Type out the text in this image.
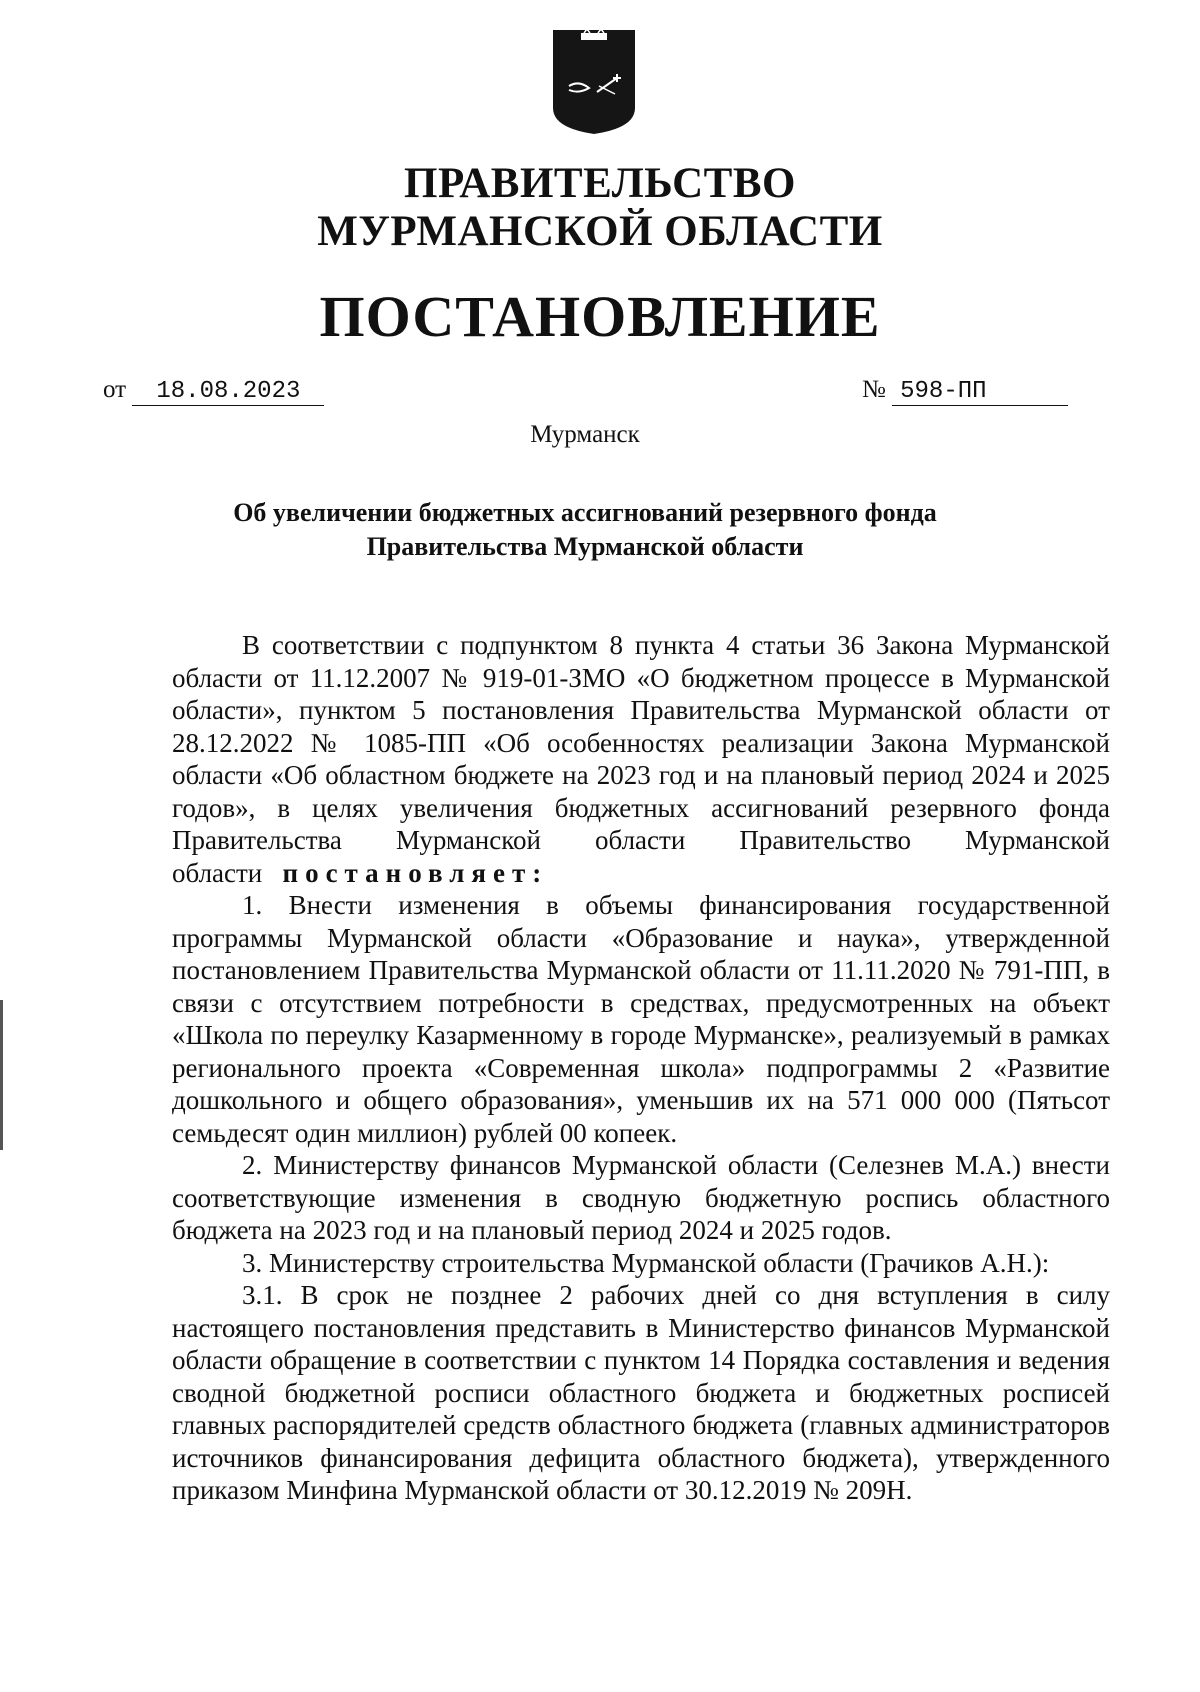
ПРАВИТЕЛЬСТВО
МУРМАНСКОЙ ОБЛАСТИ
ПОСТАНОВЛЕНИЕ
от 18.08.2023	№ 598-ПП
Мурманск
Об увеличении бюджетных ассигнований резервного фонда
Правительства Мурманской области

В соответствии с подпунктом 8 пункта 4 статьи 36 Закона Мурманской области от 11.12.2007 № 919-01-ЗМО «О бюджетном процессе в Мурманской области», пунктом 5 постановления Правительства Мурманской области от 28.12.2022 № 1085-ПП «Об особенностях реализации Закона Мурманской области «Об областном бюджете на 2023 год и на плановый период 2024 и 2025 годов», в целях увеличения бюджетных ассигнований резервного фонда Правительства Мурманской области Правительство Мурманской области постановляет:

1. Внести изменения в объемы финансирования государственной программы Мурманской области «Образование и наука», утвержденной постановлением Правительства Мурманской области от 11.11.2020 № 791-ПП, в связи с отсутствием потребности в средствах, предусмотренных на объект «Школа по переулку Казарменному в городе Мурманске», реализуемый в рамках регионального проекта «Современная школа» подпрограммы 2 «Развитие дошкольного и общего образования», уменьшив их на 571 000 000 (Пятьсот семьдесят один миллион) рублей 00 копеек.

2. Министерству финансов Мурманской области (Селезнев М.А.) внести соответствующие изменения в сводную бюджетную роспись областного бюджета на 2023 год и на плановый период 2024 и 2025 годов.

3. Министерству строительства Мурманской области (Грачиков А.Н.):

3.1. В срок не позднее 2 рабочих дней со дня вступления в силу настоящего постановления представить в Министерство финансов Мурманской области обращение в соответствии с пунктом 14 Порядка составления и ведения сводной бюджетной росписи областного бюджета и бюджетных росписей главных распорядителей средств областного бюджета (главных администраторов источников финансирования дефицита областного бюджета), утвержденного приказом Минфина Мурманской области от 30.12.2019 № 209Н.
